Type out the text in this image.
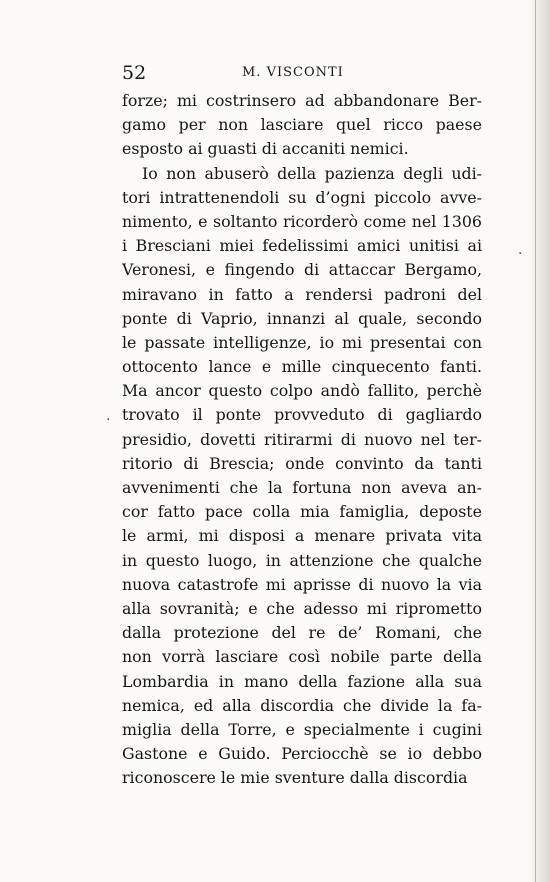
52	M. VISCONTI
forze; mi costrinsero ad abbandonare Ber-
gamo per non lasciare quel ricco paese
esposto ai guasti di accaniti nemici.
Io non abuserò della pazienza degli udi-
tori intrattenendoli su d’ogni piccolo avve-
nimento, e soltanto ricorderò come nel 1306
i Bresciani miei fedelissimi amici unitisi ai
Veronesi, e fingendo di attaccar Bergamo,
miravano in fatto a rendersi padroni del
ponte di Vaprio, innanzi al quale, secondo
le passate intelligenze, io mi presentai con
ottocento lance e mille cinquecento fanti.
Ma ancor questo colpo andò fallito, perchè
trovato il ponte provveduto di gagliardo
presidio, dovetti ritirarmi di nuovo nel ter-
ritorio di Brescia; onde convinto da tanti
avvenimenti che la fortuna non aveva an-
cor fatto pace colla mia famiglia, deposte
le armi, mi disposi a menare privata vita
in questo luogo, in attenzione che qualche
nuova catastrofe mi aprisse di nuovo la via
alla sovranità; e che adesso mi riprometto
dalla protezione del re de’ Romani, che
non vorrà lasciare così nobile parte della
Lombardia in mano della fazione alla sua
nemica, ed alla discordia che divide la fa-
miglia della Torre, e specialmente i cugini
Gastone e Guido. Perciocchè se io debbo
riconoscere le mie sventure dalla discordia
·
·
